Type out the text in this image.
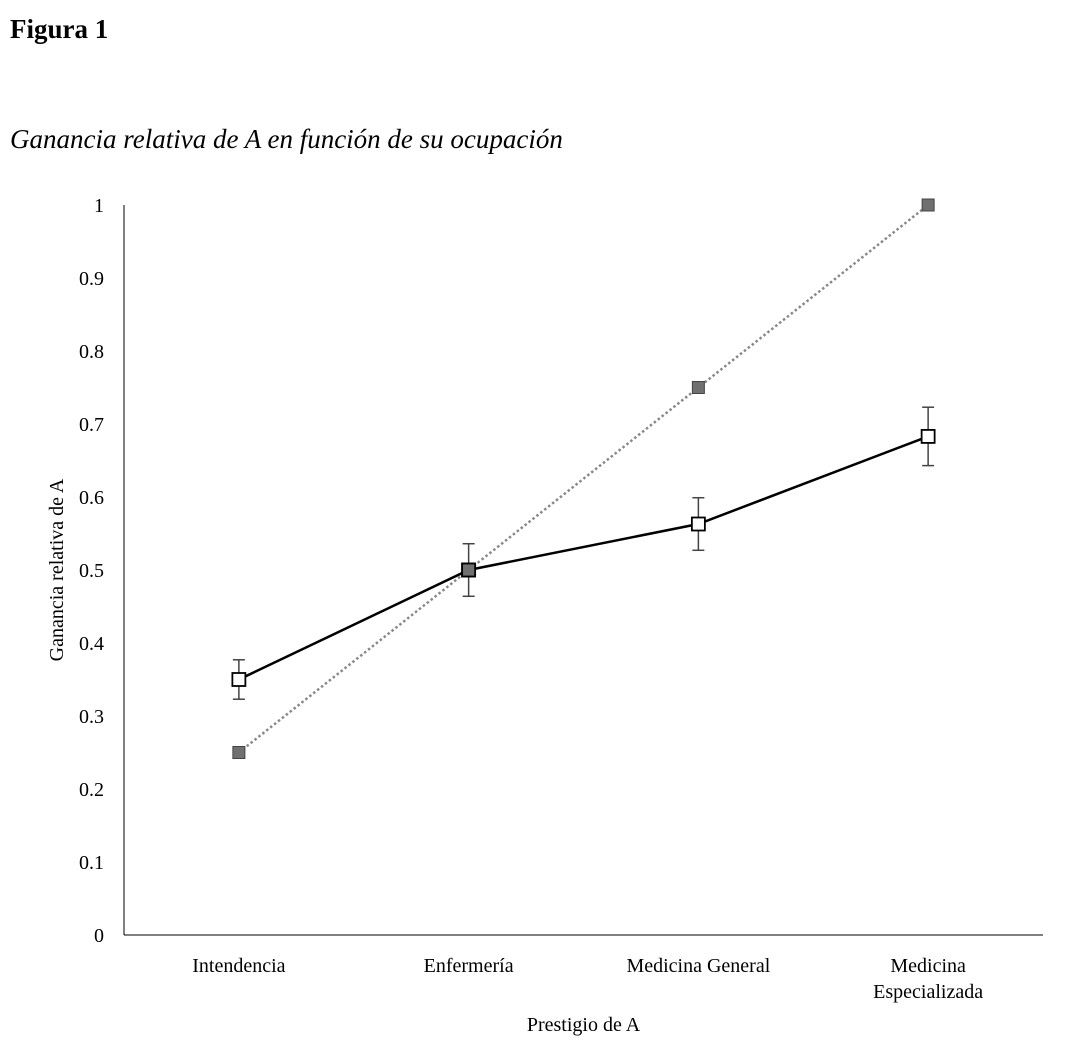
Figura 1
Ganancia relativa de A en función de su ocupación
0
0.1
0.2
0.3
0.4
0.5
0.6
0.7
0.8
0.9
1
Intendencia	Enfermería	Medicina General	Medicina
Especializada
Prestigio de A
Ganancia relativa de A
